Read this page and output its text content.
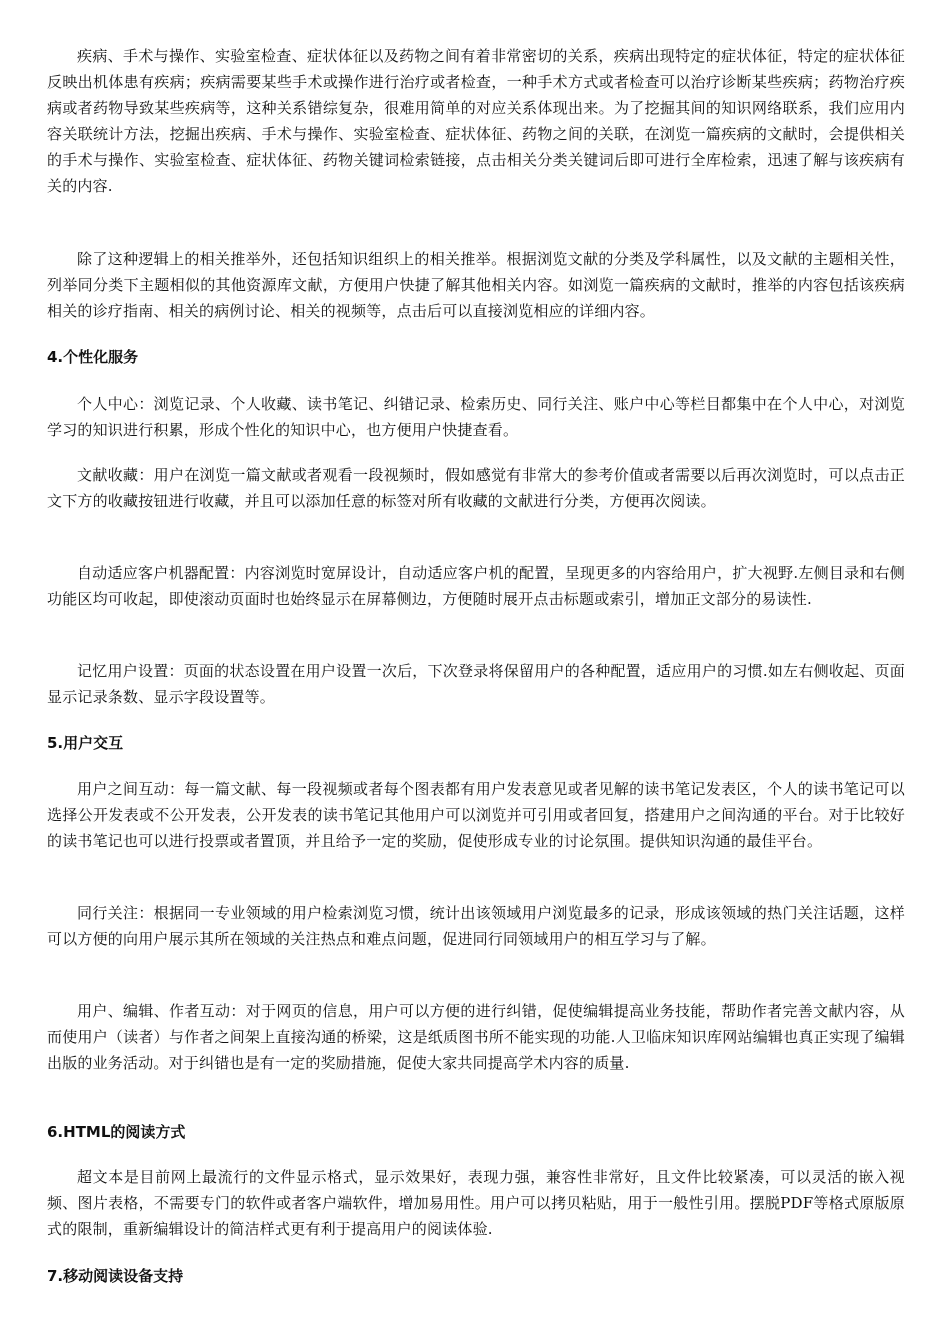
疾病、手术与操作、实验室检查、症状体征以及药物之间有着非常密切的关系，疾病出现特定的症状体征，特定的症状体征反映出机体患有疾病；疾病需要某些手术或操作进行治疗或者检查，一种手术方式或者检查可以治疗诊断某些疾病；药物治疗疾病或者药物导致某些疾病等，这种关系错综复杂，很难用简单的对应关系体现出来。为了挖掘其间的知识网络联系，我们应用内容关联统计方法，挖掘出疾病、手术与操作、实验室检查、症状体征、药物之间的关联，在浏览一篇疾病的文献时，会提供相关的手术与操作、实验室检查、症状体征、药物关键词检索链接，点击相关分类关键词后即可进行全库检索，迅速了解与该疾病有关的内容.

除了这种逻辑上的相关推举外，还包括知识组织上的相关推举。根据浏览文献的分类及学科属性，以及文献的主题相关性，列举同分类下主题相似的其他资源库文献，方便用户快捷了解其他相关内容。如浏览一篇疾病的文献时，推举的内容包括该疾病相关的诊疗指南、相关的病例讨论、相关的视频等，点击后可以直接浏览相应的详细内容。

4.个性化服务

个人中心：浏览记录、个人收藏、读书笔记、纠错记录、检索历史、同行关注、账户中心等栏目都集中在个人中心，对浏览学习的知识进行积累，形成个性化的知识中心，也方便用户快捷查看。

文献收藏：用户在浏览一篇文献或者观看一段视频时，假如感觉有非常大的参考价值或者需要以后再次浏览时，可以点击正文下方的收藏按钮进行收藏，并且可以添加任意的标签对所有收藏的文献进行分类，方便再次阅读。

自动适应客户机器配置：内容浏览时宽屏设计，自动适应客户机的配置，呈现更多的内容给用户，扩大视野.左侧目录和右侧功能区均可收起，即使滚动页面时也始终显示在屏幕侧边，方便随时展开点击标题或索引，增加正文部分的易读性.

记忆用户设置：页面的状态设置在用户设置一次后，下次登录将保留用户的各种配置，适应用户的习惯.如左右侧收起、页面显示记录条数、显示字段设置等。

5.用户交互

用户之间互动：每一篇文献、每一段视频或者每个图表都有用户发表意见或者见解的读书笔记发表区，个人的读书笔记可以选择公开发表或不公开发表，公开发表的读书笔记其他用户可以浏览并可引用或者回复，搭建用户之间沟通的平台。对于比较好的读书笔记也可以进行投票或者置顶，并且给予一定的奖励，促使形成专业的讨论氛围。提供知识沟通的最佳平台。

同行关注：根据同一专业领域的用户检索浏览习惯，统计出该领域用户浏览最多的记录，形成该领域的热门关注话题，这样可以方便的向用户展示其所在领域的关注热点和难点问题，促进同行同领域用户的相互学习与了解。

用户、编辑、作者互动：对于网页的信息，用户可以方便的进行纠错，促使编辑提高业务技能，帮助作者完善文献内容，从而使用户（读者）与作者之间架上直接沟通的桥梁，这是纸质图书所不能实现的功能.人卫临床知识库网站编辑也真正实现了编辑出版的业务活动。对于纠错也是有一定的奖励措施，促使大家共同提高学术内容的质量.

6.HTML的阅读方式

超文本是目前网上最流行的文件显示格式，显示效果好，表现力强，兼容性非常好，且文件比较紧凑，可以灵活的嵌入视频、图片表格，不需要专门的软件或者客户端软件，增加易用性。用户可以拷贝粘贴，用于一般性引用。摆脱PDF等格式原版原式的限制，重新编辑设计的简洁样式更有利于提高用户的阅读体验.

7.移动阅读设备支持
